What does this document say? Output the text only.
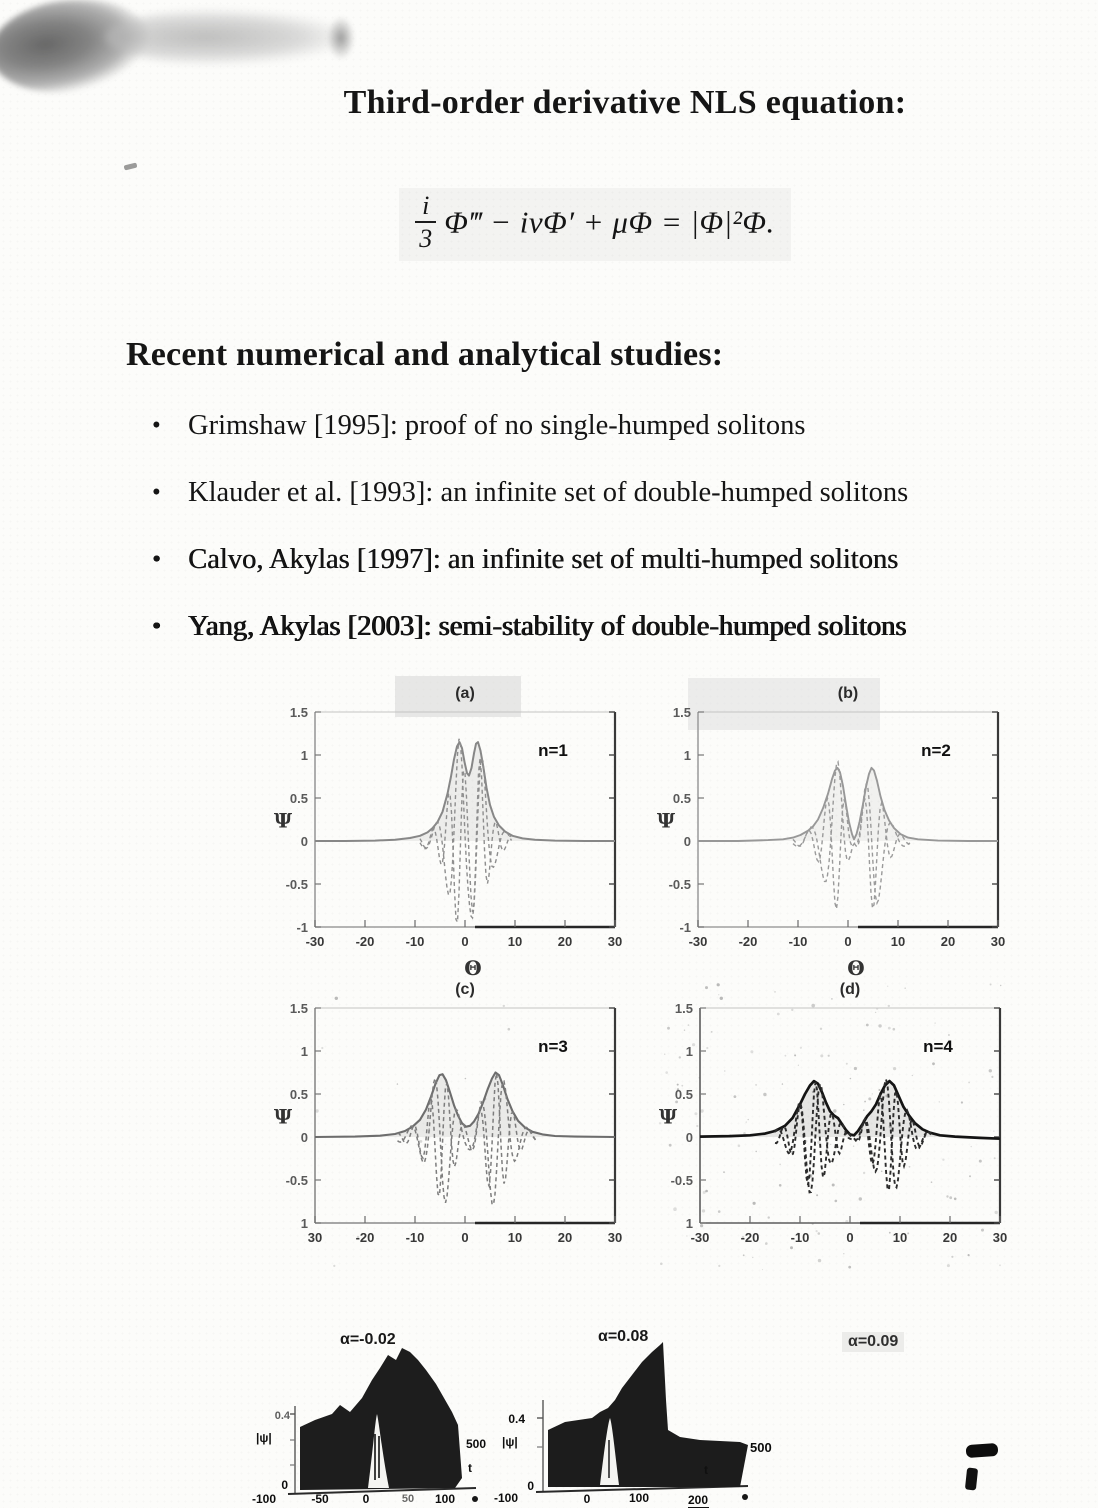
Third-order derivative NLS equation:
$\frac{i}{3}$ Φ‴ − iνΦ′ + μΦ = |Φ|²Φ.
Recent numerical and analytical studies:
• Grimshaw [1995]: proof of no single-humped solitons
• Klauder et al. [1993]: an infinite set of double-humped solitons
• Calvo, Akylas [1997]: an infinite set of multi-humped solitons
• Yang, Akylas [2003]: semi-stability of double-humped solitons
-1
-0.5
0
0.5
1
1.5
-30 -20 -10	0	10	20	30
(a)
n=1
Ψ
Θ
-1
-0.5
0
0.5
1
1.5
-30 -20 -10	0	10	20	30
(b)
n=2
Ψ
Θ
1
-0.5
0
0.5
1
1.5
30	-20 -10	0	10	20	30
(c)
n=3
Ψ
1
-0.5
0
0.5
1
1.5
-30 -20 -10	0	10	20	30
(d)
n=4
Ψ
α=-0.02	α=0.08	α=0.09
0.4
|ψ|
0
500
t
-100	-50	0	50 100
0.4
|ψ|
0
500
t
-100	0	100	200
